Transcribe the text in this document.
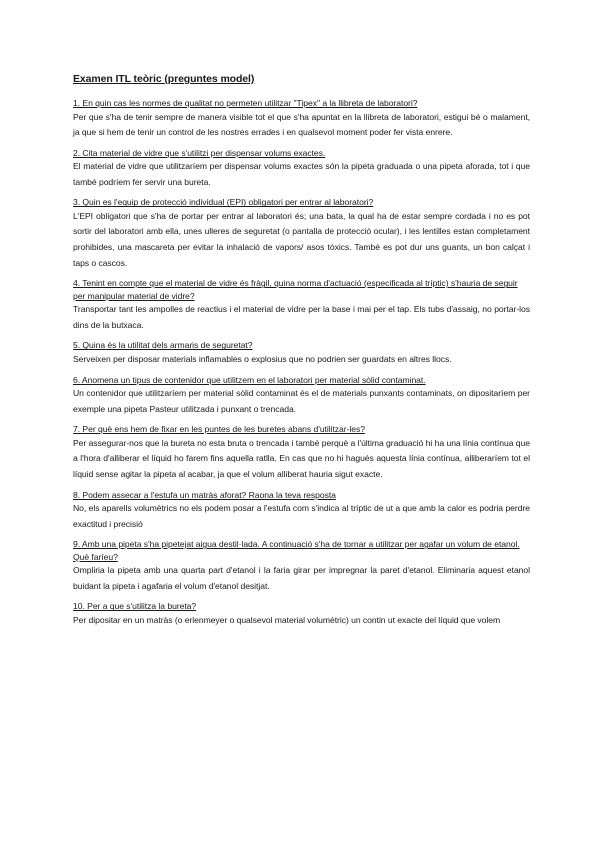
Examen ITL teòric (preguntes model)

1. En quin cas les normes de qualitat no permeten utilitzar "Tipex" a la llibreta de laboratori?

Per que s'ha de tenir sempre de manera visible tot el que s'ha apuntat en la llibreta de laboratori, estigui bé o malament, ja que si hem de tenir un control de les nostres errades i en qualsevol moment poder fer vista enrere.

2. Cita material de vidre que s'utilitzi per dispensar volums exactes.

El material de vidre que utilitzaríem per dispensar volums exactes són la pipeta graduada o una pipeta aforada, tot i que també podríem fer servir una bureta.

3. Quin es l'equip de protecció individual (EPI) obligatori per entrar al laboratori?

L'EPI obligatori que s'ha de portar per entrar al laboratori és; una bata, la qual ha de estar sempre cordada i no es pot sortir del laboratori amb ella, unes ulleres de seguretat (o pantalla de protecció ocular), i les lentilles estan completament prohibides, una mascareta per evitar la inhalació de vapors/ asos tòxics. També es pot dur uns guants, un bon calçat i taps o cascos.

4. Tenint en compte que el material de vidre és fràgil, quina norma d'actuació (especificada al tríptic) s'hauria de seguir per manipular material de vidre?

Transportar tant les ampolles de reactius i el material de vidre per la base i mai per el tap. Els tubs d'assaig, no portar-los dins de la butxaca.

5. Quina és la utilitat dels armaris de seguretat?

Serveixen per disposar materials inflamables o explosius que no podrien ser guardats en altres llocs.

6. Anomena un tipus de contenidor que utilitzem en el laboratori per material sòlid contaminat.

Un contenidor que utilitzaríem per material sòlid contaminat és el de materials punxants contaminats, on dipositaríem per exemple una pipeta Pasteur utilitzada i punxant o trencada.

7. Per què ens hem de fixar en les puntes de les buretes abans d'utilitzar-les?

Per assegurar-nos que la bureta no esta bruta o trencada i també perquè a l'última graduació hi ha una línia contínua que a l'hora d'alliberar el líquid ho farem fins aquella ratlla. En cas que no hi hagués aquesta línia contínua, alliberaríem tot el líquid sense agitar la pipeta al acabar, ja que el volum alliberat hauria sigut exacte.

8. Podem assecar a l'estufa un matràs aforat? Raona la teva resposta

No, els aparells volumètrics no els podem posar a l'estufa com s'indica al tríptic de ut a que amb la calor es podria perdre exactitud i precisió

9. Amb una pipeta s'ha pipetejat aigua destil·lada. A continuació s'ha de tornar a utilitzar per agafar un volum de etanol. Què faríeu?

Ompliria la pipeta amb una quarta part d'etanol i la faria girar per impregnar la paret d'etanol. Eliminaria aquest etanol buidant la pipeta i agafaria el volum d'etanol desitjat.

10. Per a que s'utilitza la bureta?

Per dipositar en un matràs (o erlenmeyer o qualsevol material volumètric) un contin ut exacte del líquid que volem
